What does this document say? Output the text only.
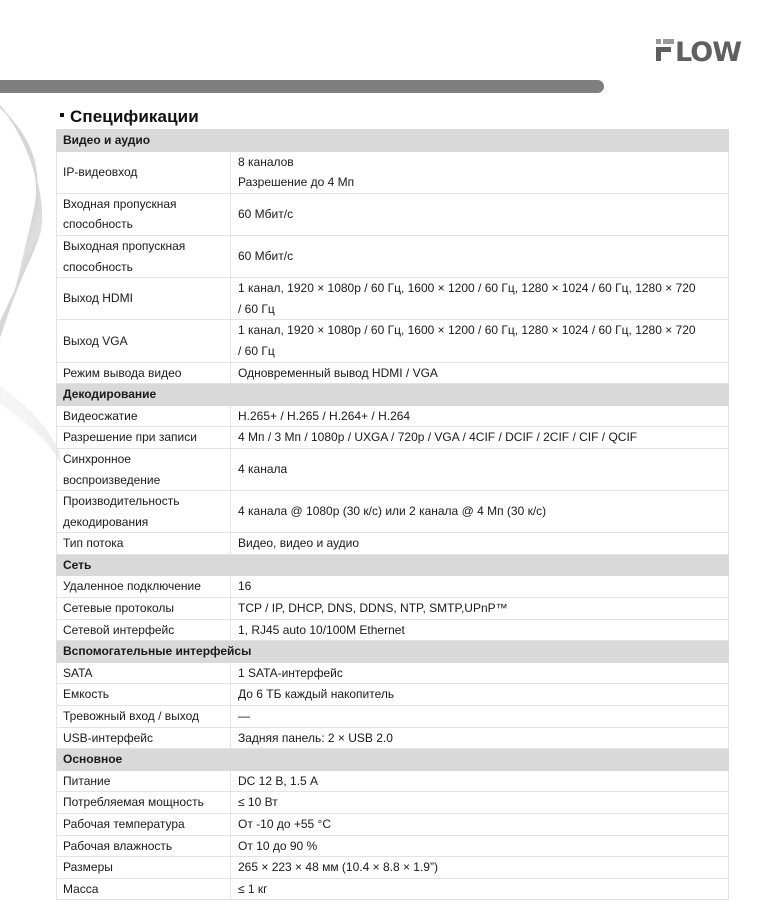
LOW
Спецификации
Видео и аудио	

IP-видеовход	8 каналов
Разрешение до 4 Мп

Входная пропускная
способность	60 Мбит/с

Выходная пропускная
способность	60 Мбит/с

Выход HDMI	1 канал, 1920 × 1080p / 60 Гц, 1600 × 1200 / 60 Гц, 1280 × 1024 / 60 Гц, 1280 × 720
/ 60 Гц

Выход VGA	1 канал, 1920 × 1080p / 60 Гц, 1600 × 1200 / 60 Гц, 1280 × 1024 / 60 Гц, 1280 × 720
/ 60 Гц

Режим вывода видео	Одновременный вывод HDMI / VGA

Декодирование	

Видеосжатие	H.265+ / H.265 / H.264+ / H.264

Разрешение при записи	4 Мп / 3 Мп / 1080p / UXGA / 720p / VGA / 4CIF / DCIF / 2CIF / CIF / QCIF

Синхронное
воспроизведение	4 канала

Производительность
декодирования	4 канала @ 1080p (30 к/с) или 2 канала @ 4 Мп (30 к/с)

Тип потока	Видео, видео и аудио

Сеть	

Удаленное подключение	16

Сетевые протоколы	TCP / IP, DHCP, DNS, DDNS, NTP, SMTP,UPnP™

Сетевой интерфейс	1, RJ45 auto 10/100M Ethernet

Вспомогательные интерфейсы	

SATA	1 SATA-интерфейс

Емкость	До 6 ТБ каждый накопитель

Тревожный вход / выход	—

USB-интерфейс	Задняя панель: 2 × USB 2.0

Основное	

Питание	DC 12 В, 1.5 А

Потребляемая мощность	≤ 10 Вт

Рабочая температура	От -10 до +55 °C

Рабочая влажность	От 10 до 90 %

Размеры	265 × 223 × 48 мм (10.4 × 8.8 × 1.9”)

Масса	≤ 1 кг
